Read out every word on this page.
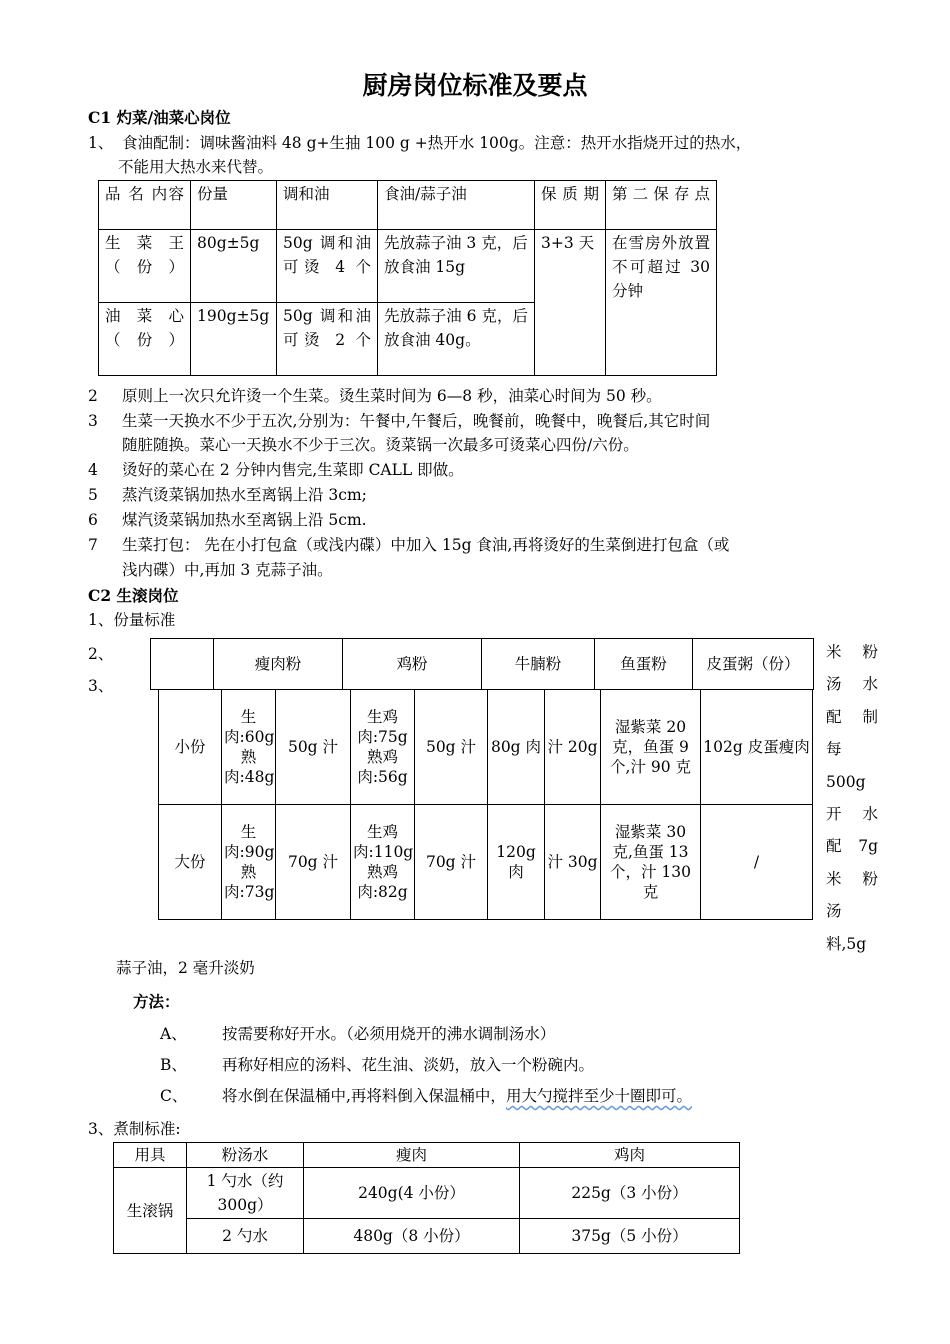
厨房岗位标准及要点
C1 灼菜/油菜心岗位
1、 食油配制：调味酱油料 48 g+生抽 100 g +热开水 100g。注意：热开水指烧开过的热水，
不能用大热水来代替。
品 名 内容	份量	调和油	食油/蒜子油	保 质 期	第二保存点
生菜王（份）	80g±5g	50g 调和油可烫 4 个	先放蒜子油 3 克，后放食油 15g	3+3 天	在雪房外放置不可超过 30 分钟
油菜心（份）	190g±5g	50g 调和油可烫 2 个	先放蒜子油 6 克，后放食油 40g。		
2 原则上一次只允许烫一个生菜。烫生菜时间为 6—8 秒，油菜心时间为 50 秒。
3 生菜一天换水不少于五次,分别为：午餐中,午餐后，晚餐前，晚餐中，晚餐后,其它时间
随脏随换。菜心一天换水不少于三次。烫菜锅一次最多可烫菜心四份/六份。
4 烫好的菜心在 2 分钟内售完,生菜即 CALL 即做。
5 蒸汽烫菜锅加热水至离锅上沿 3cm;
6 煤汽烫菜锅加热水至离锅上沿 5cm.
7 生菜打包： 先在小打包盒（或浅内碟）中加入 15g 食油,再将烫好的生菜倒进打包盒（或
浅内碟）中,再加 3 克蒜子油。
C2 生滚岗位
1、份量标准
2、
3、
	瘦肉粉	鸡粉	牛腩粉	鱼蛋粉	皮蛋粥（份）
小份	生肉:60g 熟肉:48g	50g 汁	生鸡肉:75g 熟鸡肉:56g	50g 汁	80g 肉	汁 20g	湿紫菜 20 克，鱼蛋 9 个,汁 90 克	102g 皮蛋瘦肉
大份	生肉:90g 熟肉:73g	70g 汁	生鸡肉:110g 熟鸡肉:82g	70g 汁	120g 肉	汁 30g	湿紫菜 30 克,鱼蛋 13 个，汁 130 克	/
米粉
汤水
配制
每
500g
开水
配 7g
米粉
汤
料,5g
蒜子油，2 毫升淡奶
方法：
A、 按需要称好开水。（必须用烧开的沸水调制汤水）
B、 再称好相应的汤料、花生油、淡奶，放入一个粉碗内。
C、 将水倒在保温桶中,再将料倒入保温桶中，用大勺搅拌至少十圈即可。
3、煮制标准:
用具	粉汤水	瘦肉	鸡肉
生滚锅	1 勺水（约 300g）	240g(4 小份）	225g（3 小份）
	2 勺水	480g（8 小份）	375g（5 小份）
